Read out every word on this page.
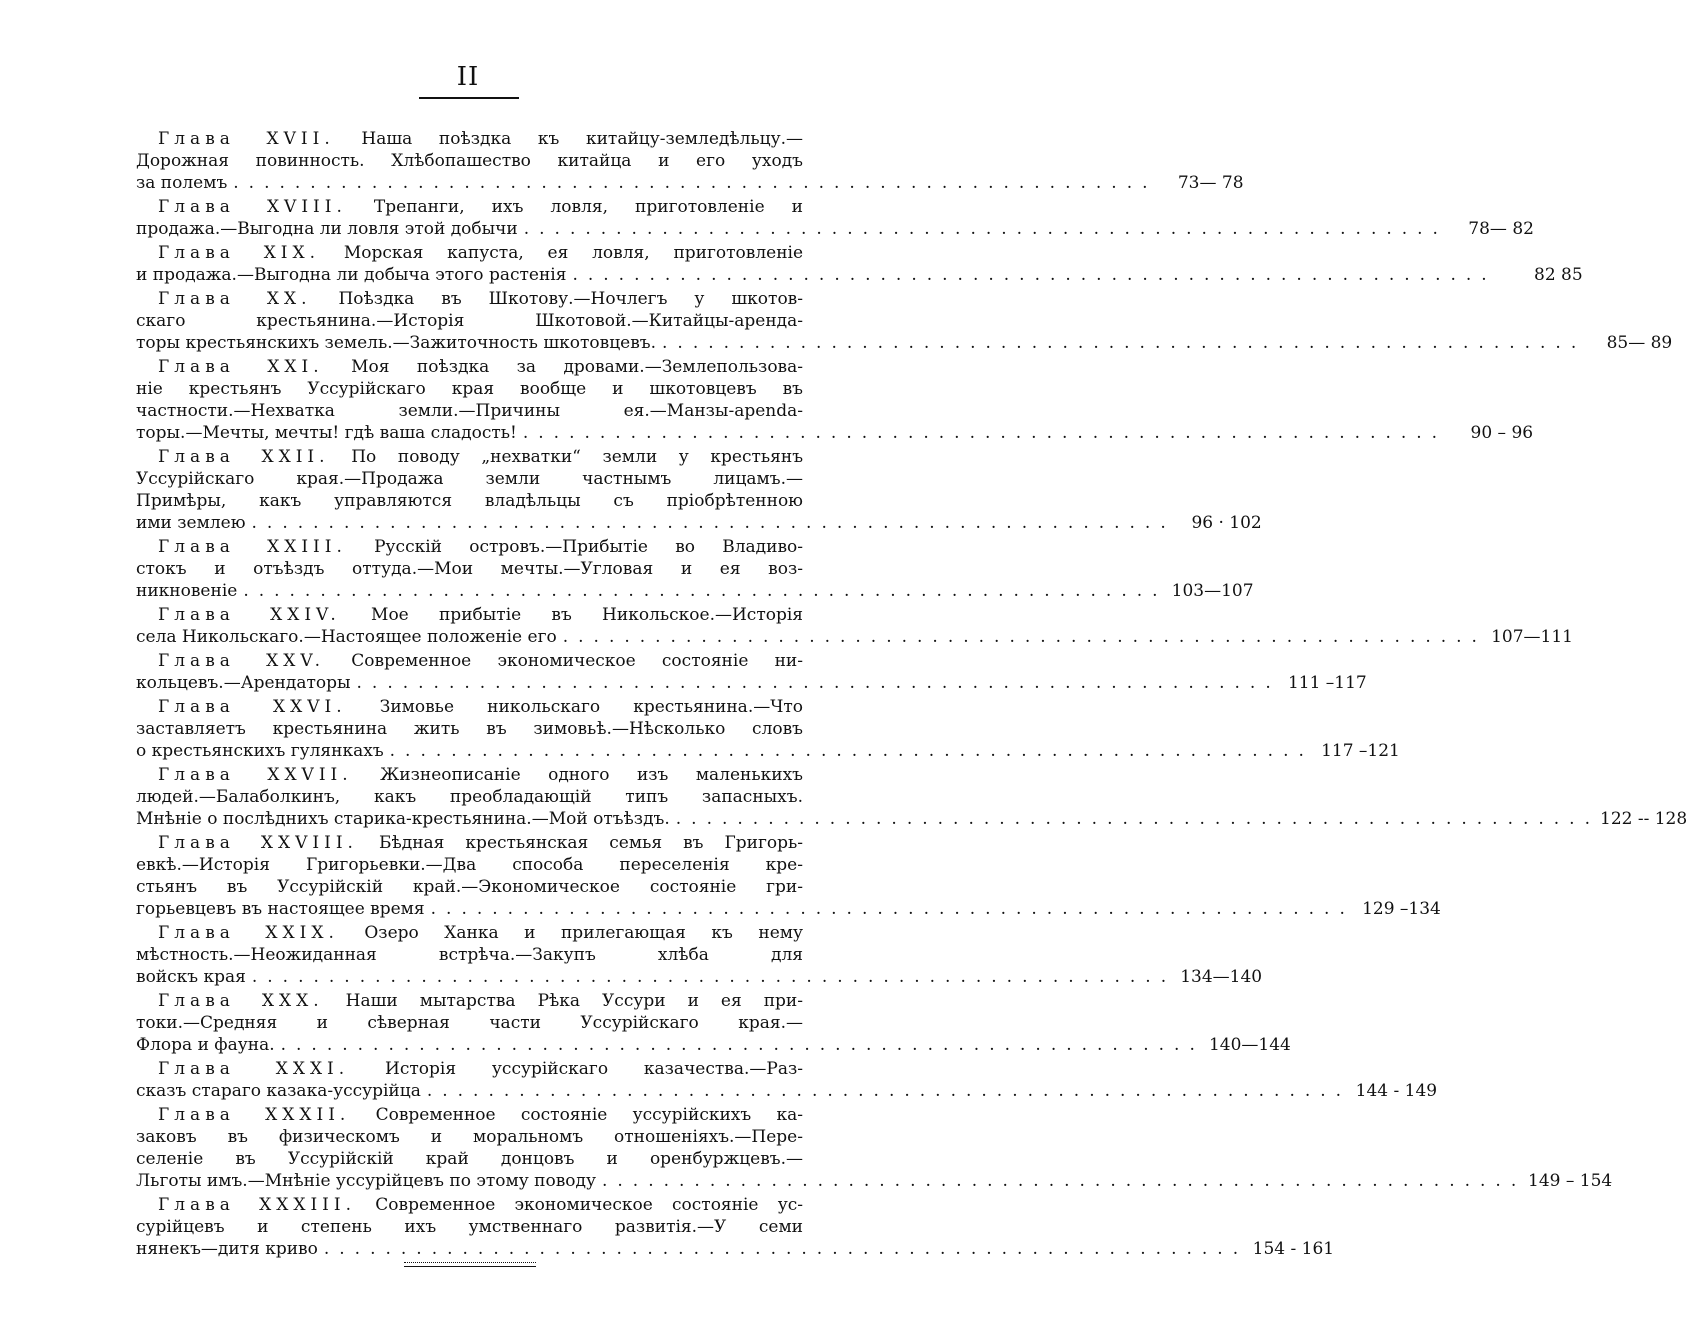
II
Глава XVII. Наша поѣздка къ китайцу-земледѣльцу.—
Дорожная повинность. Хлѣбопашество китайца и его уходъ
за полемъ ............................................................	73— 78
Глава XVIII. Трепанги, ихъ ловля, приготовленіе и
продажа.—Выгодна ли ловля этой добычи ............................................................	78— 82
Глава XIX. Морская капуста, ея ловля, приготовленіе
и продажа.—Выгодна ли добыча этого растенія ............................................................	82 85
Глава XX. Поѣздка въ Шкотову.—Ночлегъ у шкотов-
скаго крестьянина.—Исторія Шкотовой.—Китайцы-аренда-
торы крестьянскихъ земель.—Зажиточность шкотовцевъ. ............................................................	85— 89
Глава XXI. Моя поѣздка за дровами.—Землепользова-
ніе крестьянъ Уссурійскаго края вообще и шкотовцевъ въ
частности.—Нехватка земли.—Причины ея.—Манзы-арenda-
торы.—Мечты, мечты! гдѣ ваша сладость! ............................................................	90 – 96
Глава XXII. По поводу „нехватки“ земли у крестьянъ
Уссурійскаго края.—Продажа земли частнымъ лицамъ.—
Примѣры, какъ управляются владѣльцы съ пріобрѣтенною
ими землею ............................................................ 96 · 102
Глава XXIII. Русскій островъ.—Прибытіе во Владиво-
стокъ и отъѣздъ оттуда.—Мои мечты.—Угловая и ея воз-
никновеніе ............................................................ 103—107
Глава XXIV. Мое прибытіе въ Никольское.—Исторія
села Никольскаго.—Настоящее положеніе его ............................................................ 107—111
Глава XXV. Современное экономическое состояніе ни-
кольцевъ.—Арендаторы ............................................................ 111 –117
Глава XXVI. Зимовье никольскаго крестьянина.—Что
заставляетъ крестьянина жить въ зимовьѣ.—Нѣсколько словъ
о крестьянскихъ гулянкахъ ............................................................ 117 –121
Глава XXVII. Жизнеописаніе одного изъ маленькихъ
людей.—Балаболкинъ, какъ преобладающій типъ запасныхъ.
Мнѣніе о послѣднихъ старика-крестьянина.—Мой отъѣздъ. ............................................................ 122 -- 128
Глава XXVIII. Бѣдная крестьянская семья въ Григорь-
евкѣ.—Исторія Григорьевки.—Два способа переселенія кре-
стьянъ въ Уссурійскій край.—Экономическое состояніе гри-
горьевцевъ въ настоящее время ............................................................ 129 –134
Глава XXIX. Озеро Ханка и прилегающая къ нему
мѣстность.—Неожиданная встрѣча.—Закупъ хлѣба для
войскъ края ............................................................ 134—140
Глава XXX. Наши мытарства Рѣка Уссури и ея при-
токи.—Средняя и сѣверная части Уссурійскаго края.—
Флора и фауна. ............................................................ 140—144
Глава XXXI. Исторія уссурійскаго казачества.—Раз-
сказъ стараго казака-уссурійца ............................................................ 144 - 149
Глава XXXII. Современное состояніе уссурійскихъ ка-
заковъ въ физическомъ и моральномъ отношеніяхъ.—Пере-
селеніе въ Уссурійскій край донцовъ и оренбуржцевъ.—
Льготы имъ.—Мнѣніе уссурійцевъ по этому поводу ............................................................ 149 – 154
Глава XXXIII. Современное экономическое состояніе ус-
сурійцевъ и степень ихъ умственнаго развитія.—У семи
нянекъ—дитя криво ............................................................ 154 - 161
